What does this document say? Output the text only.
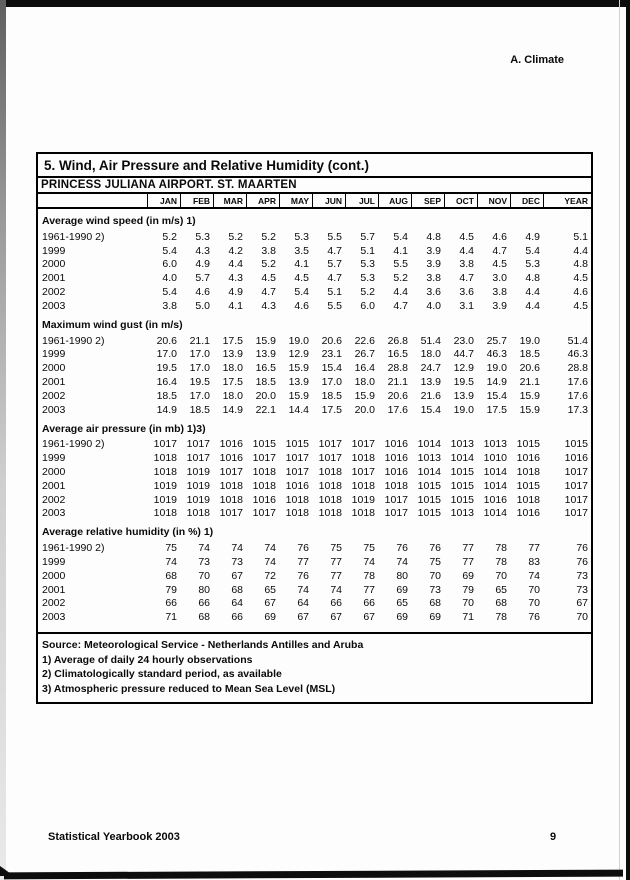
A. Climate
5. Wind, Air Pressure and Relative Humidity (cont.)
PRINCESS JULIANA AIRPORT. ST. MAARTEN
JAN	FEB	MAR	APR	MAY	JUN	JUL	AUG	SEP	OCT	NOV	DEC	YEAR
Average wind speed (in m/s) 1)
1961-1990 2)	5.2	5.3	5.2	5.2	5.3	5.5	5.7	5.4	4.8	4.5	4.6	4.9	5.1
1999	5.4	4.3	4.2	3.8	3.5	4.7	5.1	4.1	3.9	4.4	4.7	5.4	4.4
2000	6.0	4.9	4.4	5.2	4.1	5.7	5.3	5.5	3.9	3.8	4.5	5.3	4.8
2001	4.0	5.7	4.3	4.5	4.5	4.7	5.3	5.2	3.8	4.7	3.0	4.8	4.5
2002	5.4	4.6	4.9	4.7	5.4	5.1	5.2	4.4	3.6	3.6	3.8	4.4	4.6
2003	3.8	5.0	4.1	4.3	4.6	5.5	6.0	4.7	4.0	3.1	3.9	4.4	4.5
Maximum wind gust (in m/s)
1961-1990 2)	20.6	21.1	17.5	15.9	19.0	20.6	22.6	26.8	51.4	23.0	25.7	19.0	51.4
1999	17.0	17.0	13.9	13.9	12.9	23.1	26.7	16.5	18.0	44.7	46.3	18.5	46.3
2000	19.5	17.0	18.0	16.5	15.9	15.4	16.4	28.8	24.7	12.9	19.0	20.6	28.8
2001	16.4	19.5	17.5	18.5	13.9	17.0	18.0	21.1	13.9	19.5	14.9	21.1	17.6
2002	18.5	17.0	18.0	20.0	15.9	18.5	15.9	20.6	21.6	13.9	15.4	15.9	17.6
2003	14.9	18.5	14.9	22.1	14.4	17.5	20.0	17.6	15.4	19.0	17.5	15.9	17.3
Average air pressure (in mb) 1)3)
1961-1990 2)	1017 1017 1016 1015 1015 1017 1017 1016 1014 1013 1013 1015	1015
1999	1018 1017 1016 1017 1017 1017 1018 1016 1013 1014 1010 1016	1016
2000	1018 1019 1017 1018 1017 1018 1017 1016 1014 1015 1014 1018	1017
2001	1019 1019 1018 1018 1016 1018 1018 1018 1015 1015 1014 1015	1017
2002	1019 1019 1018 1016 1018 1018 1019 1017 1015 1015 1016 1018	1017
2003	1018 1018 1017 1017 1018 1018 1018 1017 1015 1013 1014 1016	1017
Average relative humidity (in %) 1)
1961-1990 2)	75	74	74	74	76	75	75	76	76	77	78	77	76
1999	74	73	73	74	77	77	74	74	75	77	78	83	76
2000	68	70	67	72	76	77	78	80	70	69	70	74	73
2001	79	80	68	65	74	74	77	69	73	79	65	70	73
2002	66	66	64	67	64	66	66	65	68	70	68	70	67
2003	71	68	66	69	67	67	67	69	69	71	78	76	70
Source: Meteorological Service - Netherlands Antilles and Aruba
1) Average of daily 24 hourly observations
2) Climatologically standard period, as available
3) Atmospheric pressure reduced to Mean Sea Level (MSL)
Statistical Yearbook 2003	9
